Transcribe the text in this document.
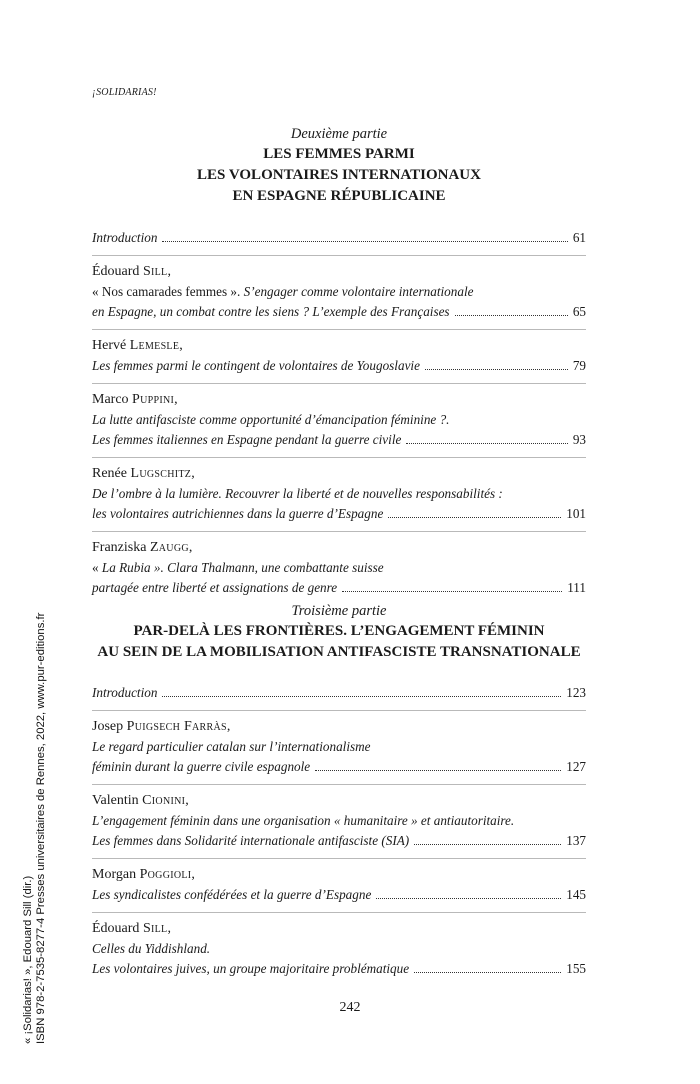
¡SOLIDARIAS!
Deuxième partie
LES FEMMES PARMI
LES VOLONTAIRES INTERNATIONAUX
EN ESPAGNE RÉPUBLICAINE
Introduction	61
Édouard Sill,
« Nos camarades femmes ». S’engager comme volontaire internationale
en Espagne, un combat contre les siens ? L’exemple des Françaises	65
Hervé Lemesle,
Les femmes parmi le contingent de volontaires de Yougoslavie	79
Marco Puppini,
La lutte antifasciste comme opportunité d’émancipation féminine ?.
Les femmes italiennes en Espagne pendant la guerre civile	93
Renée Lugschitz,
De l’ombre à la lumière. Recouvrer la liberté et de nouvelles responsabilités :
les volontaires autrichiennes dans la guerre d’Espagne	101
Franziska Zaugg,
« La Rubia ». Clara Thalmann, une combattante suisse
partagée entre liberté et assignations de genre	111
Troisième partie
PAR-DELÀ LES FRONTIÈRES. L’ENGAGEMENT FÉMININ
AU SEIN DE LA MOBILISATION ANTIFASCISTE TRANSNATIONALE
Introduction	123
Josep Puigsech Farràs,
Le regard particulier catalan sur l’internationalisme
féminin durant la guerre civile espagnole	127
Valentin Cionini,
L’engagement féminin dans une organisation « humanitaire » et antiautoritaire.
Les femmes dans Solidarité internationale antifasciste (SIA)	137
Morgan Poggioli,
Les syndicalistes confédérées et la guerre d’Espagne	145
Édouard Sill,
Celles du Yiddishland.
Les volontaires juives, un groupe majoritaire problématique	155
242
« ¡Solidarias! », Edouard Sill (dir.) ISBN 978-2-7535-8277-4 Presses universitaires de Rennes, 2022, www.pur-editions.fr
